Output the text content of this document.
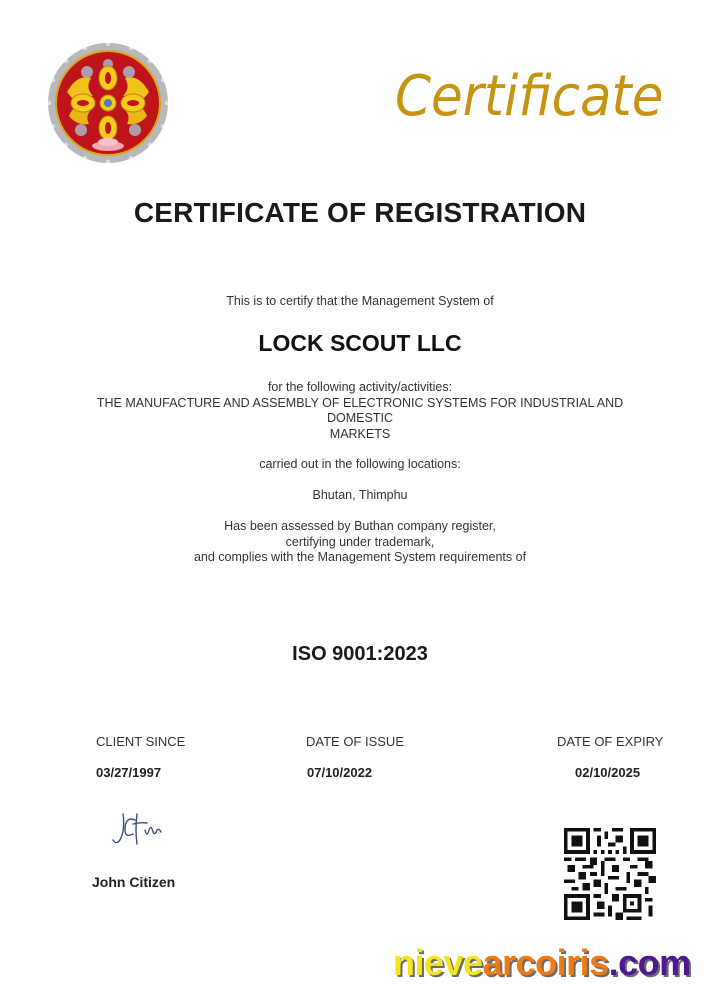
Certificate
CERTIFICATE OF REGISTRATION
This is to certify that the Management System of
LOCK SCOUT LLC
for the following activity/activities:
THE MANUFACTURE AND ASSEMBLY OF ELECTRONIC SYSTEMS FOR INDUSTRIAL AND
DOMESTIC
MARKETS
carried out in the following locations:
Bhutan, Thimphu
Has been assessed by Buthan company register,
certifying under trademark,
and complies with the Management System requirements of
ISO 9001:2023
CLIENT SINCE
03/27/1997
DATE OF ISSUE
07/10/2022
DATE OF EXPIRY
02/10/2025
John Citizen
nievearcoiris.com
